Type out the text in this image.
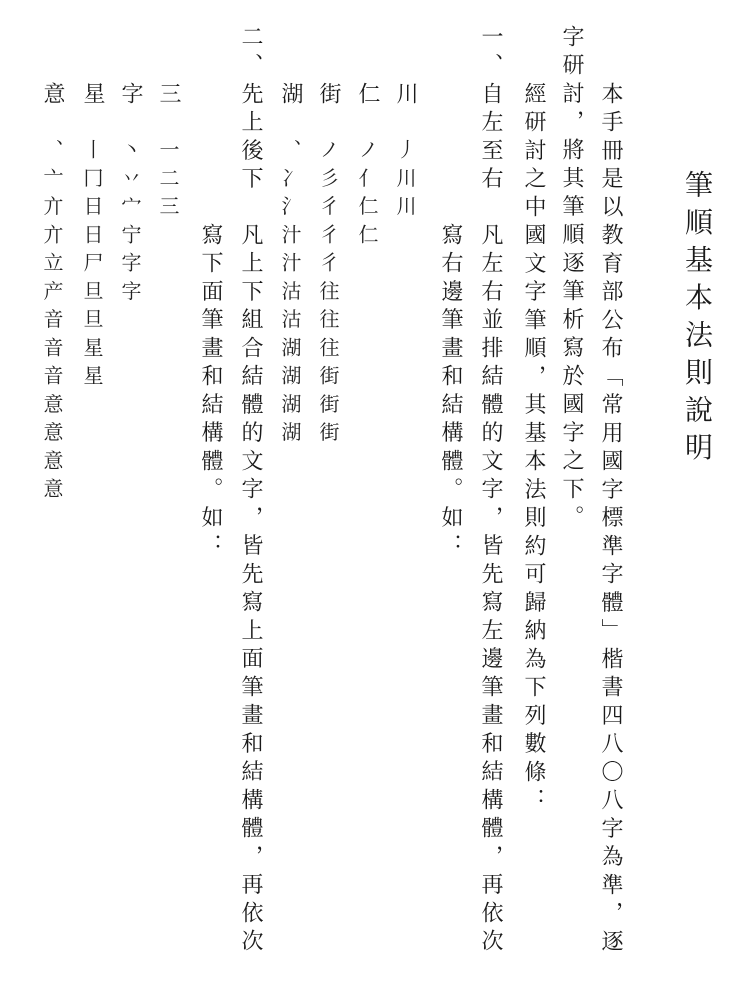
筆順基本法則說明
本手冊是以教育部公布「常用國字標準字體」楷書四八〇八字為準，逐
字研討，將其筆順逐筆析寫於國字之下。
經研討之中國文字筆順，其基本法則約可歸納為下列數條：
一、
自左至右
凡左右並排結體的文字，皆先寫左邊筆畫和結構體，再依次
寫右邊筆畫和結構體。如：
川
丿川川
仁
ノ亻仁仁
街
ノ彡彳彳彳往往往街街街
湖
、冫氵汁汁沽沽湖湖湖湖
二、
先上後下
凡上下組合結體的文字，皆先寫上面筆畫和結構體，再依次
寫下面筆畫和結構體。如：
三
一二三
字
丶丷宀宁字字
星
丨冂日日尸旦旦星星
意
、亠亣亣立产音音音意意意意
